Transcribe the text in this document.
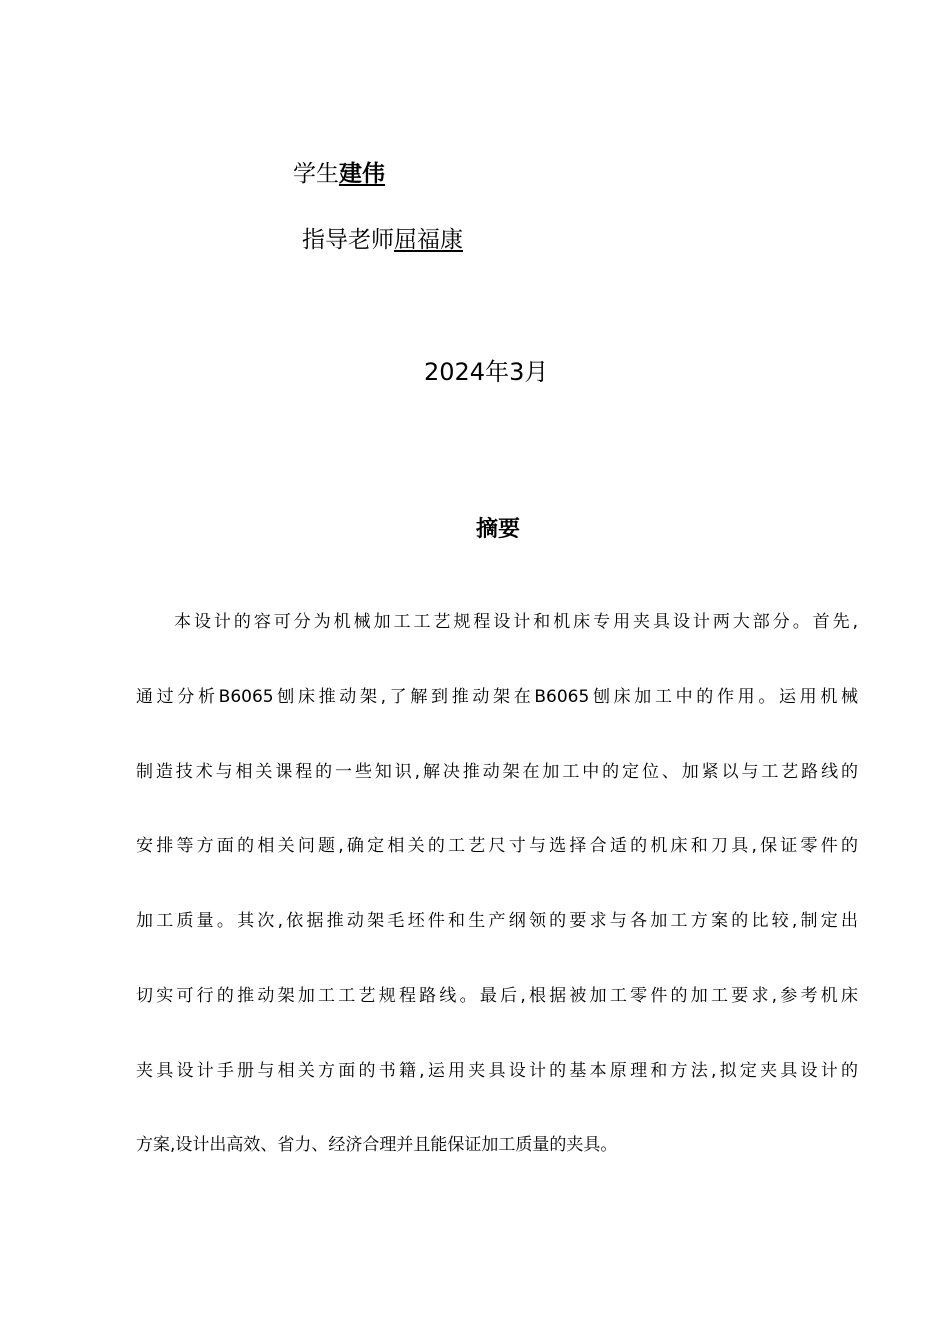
学生建伟
指导老师屈福康
2024年3月
摘要
本设计的容可分为机械加工工艺规程设计和机床专用夹具设计两大部分。首先,
通过分析B6065刨床推动架,了解到推动架在B6065刨床加工中的作用。运用机械
制造技术与相关课程的一些知识,解决推动架在加工中的定位、加紧以与工艺路线的
安排等方面的相关问题,确定相关的工艺尺寸与选择合适的机床和刀具,保证零件的
加工质量。其次,依据推动架毛坯件和生产纲领的要求与各加工方案的比较,制定出
切实可行的推动架加工工艺规程路线。最后,根据被加工零件的加工要求,参考机床
夹具设计手册与相关方面的书籍,运用夹具设计的基本原理和方法,拟定夹具设计的
方案,设计出高效、省力、经济合理并且能保证加工质量的夹具。
